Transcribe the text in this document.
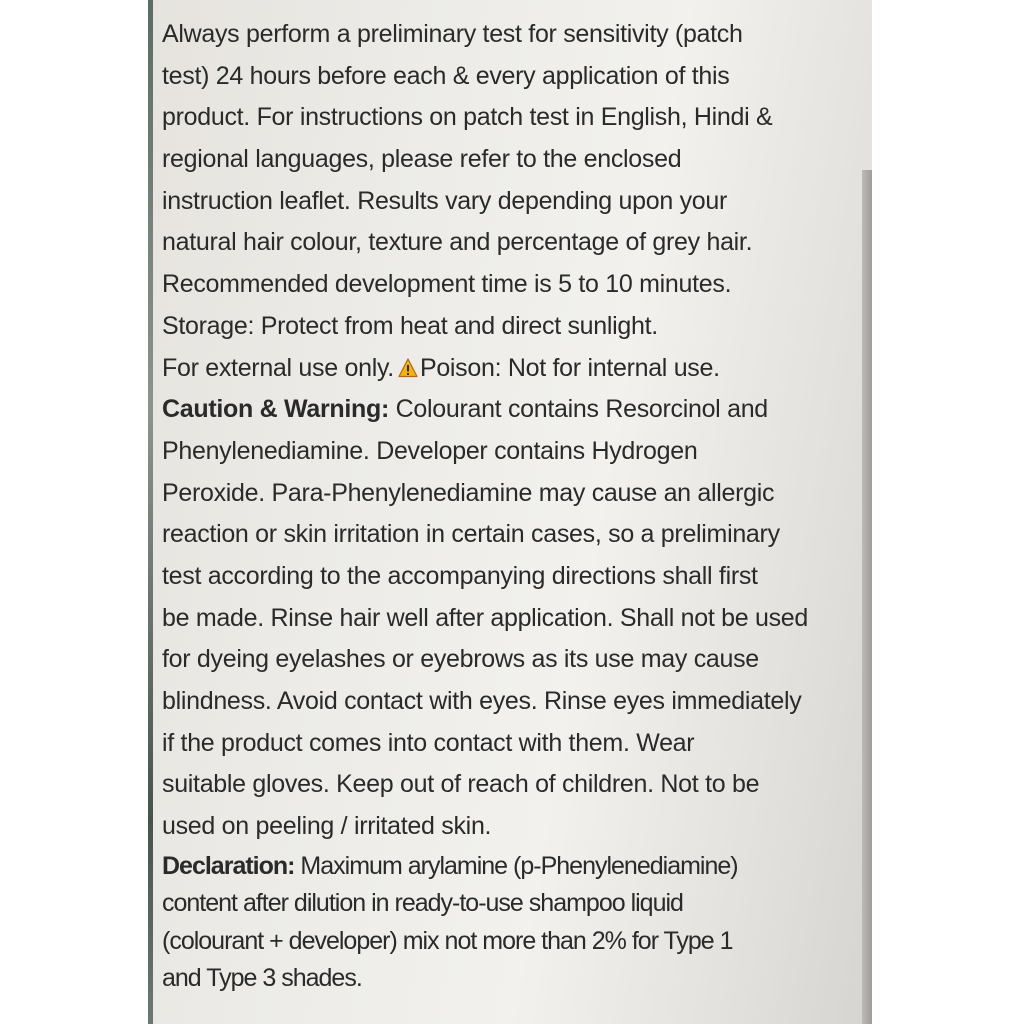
Always perform a preliminary test for sensitivity (patch
test) 24 hours before each & every application of this
product. For instructions on patch test in English, Hindi &
regional languages, please refer to the enclosed
instruction leaflet. Results vary depending upon your
natural hair colour, texture and percentage of grey hair.
Recommended development time is 5 to 10 minutes.
Storage: Protect from heat and direct sunlight.
For external use only. Poison: Not for internal use.
Caution & Warning: Colourant contains Resorcinol and
Phenylenediamine. Developer contains Hydrogen
Peroxide. Para-Phenylenediamine may cause an allergic
reaction or skin irritation in certain cases, so a preliminary
test according to the accompanying directions shall first
be made. Rinse hair well after application. Shall not be used
for dyeing eyelashes or eyebrows as its use may cause
blindness. Avoid contact with eyes. Rinse eyes immediately
if the product comes into contact with them. Wear
suitable gloves. Keep out of reach of children. Not to be
used on peeling / irritated skin.
Declaration: Maximum arylamine (p-Phenylenediamine)
content after dilution in ready-to-use shampoo liquid
(colourant + developer) mix not more than 2% for Type 1
and Type 3 shades.
